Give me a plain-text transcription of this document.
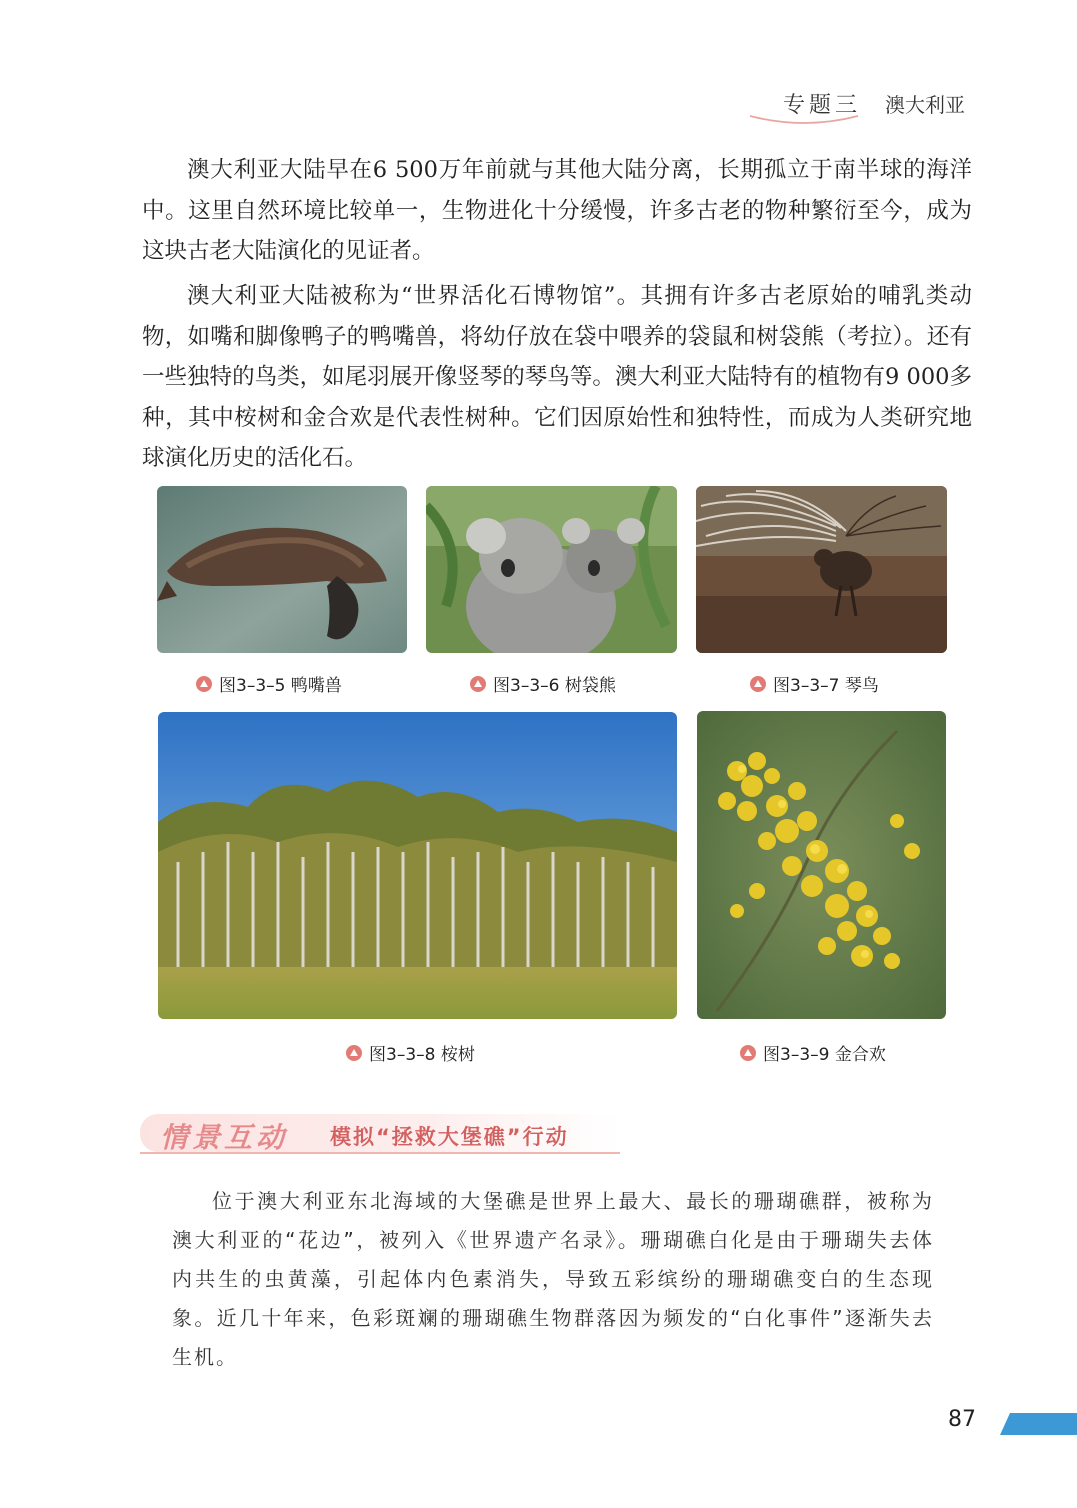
专题三 澳大利亚

澳大利亚大陆早在6 500万年前就与其他大陆分离，长期孤立于南半球的海洋中。这里自然环境比较单一，生物进化十分缓慢，许多古老的物种繁衍至今，成为这块古老大陆演化的见证者。

澳大利亚大陆被称为“世界活化石博物馆”。其拥有许多古老原始的哺乳类动物，如嘴和脚像鸭子的鸭嘴兽，将幼仔放在袋中喂养的袋鼠和树袋熊（考拉）。还有一些独特的鸟类，如尾羽展开像竖琴的琴鸟等。澳大利亚大陆特有的植物有9 000多种，其中桉树和金合欢是代表性树种。它们因原始性和独特性，而成为人类研究地球演化历史的活化石。

图3–3–5 鸭嘴兽	图3–3–6 树袋熊	图3–3–7 琴鸟
图3–3–8 桉树	图3–3–9 金合欢
情景互动 模拟“拯救大堡礁”行动

位于澳大利亚东北海域的大堡礁是世界上最大、最长的珊瑚礁群，被称为澳大利亚的“花边”，被列入《世界遗产名录》。珊瑚礁白化是由于珊瑚失去体内共生的虫黄藻，引起体内色素消失，导致五彩缤纷的珊瑚礁变白的生态现象。近几十年来，色彩斑斓的珊瑚礁生物群落因为频发的“白化事件”逐渐失去生机。

87
